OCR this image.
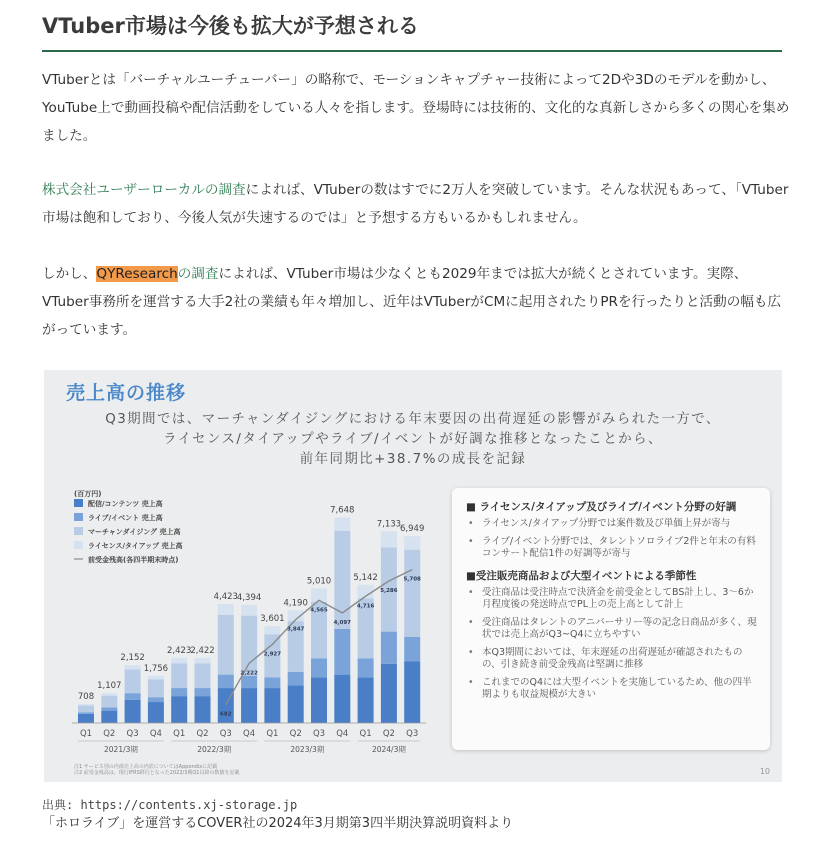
VTuber市場は今後も拡大が予想される

VTuberとは「バーチャルユーチューバー」の略称で、モーションキャプチャー技術によって2Dや3Dのモデルを動かし、YouTube上で動画投稿や配信活動をしている人々を指します。登場時には技術的、文化的な真新しさから多くの関心を集めました。

株式会社ユーザーローカルの調査によれば、VTuberの数はすでに2万人を突破しています。そんな状況もあって、「VTuber市場は飽和しており、今後人気が失速するのでは」と予想する方もいるかもしれません。

しかし、QYResearchの調査によれば、VTuber市場は少なくとも2029年までは拡大が続くとされています。実際、VTuber事務所を運営する大手2社の業績も年々増加し、近年はVTuberがCMに起用されたりPRを行ったりと活動の幅も広がっています。

売上高の推移
Q3期間では、マーチャンダイジングにおける年末要因の出荷遅延の影響がみられた一方で、
ライセンス/タイアップやライブ/イベントが好調な推移となったことから、
前年同期比+38.7%の成長を記録
(百万円)
配信/コンテンツ 売上高
ライブ/イベント 売上高
マーチャンダイジング 売上高
ライセンス/タイアップ 売上高
前受金残高(各四半期末時点)
708
Q1
1,107
Q2
2,152
Q3
1,756
Q4
2,423
Q1
2,422
Q2
4,423
Q3
4,394
Q4
3,601
Q1
4,190
Q2
5,010
Q3
7,648
Q4
5,142
Q1
7,133
Q2
6,949
Q3
2021/3期	2022/3期	2023/3期	2024/3期
682
2,222
2,927
3,847
4,565
4,097
4,716
5,286
5,708
■ ライセンス/タイアップ及びライブ/イベント分野の好調
• ライセンス/タイアップ分野では案件数及び単価上昇が寄与
• ライブ/イベント分野では、タレントソロライブ2件と年末の有料コンサート配信1件の好調等が寄与
■受注販売商品および大型イベントによる季節性
• 受注商品は受注時点で決済金を前受金としてBS計上し、3～6か月程度後の発送時点でPL上の売上高として計上
• 受注商品はタレントのアニバーサリー等の記念日商品が多く、現状では売上高がQ3~Q4に立ちやすい
• 本Q3期間においては、年末遅延の出荷遅延が確認されたものの、引き続き前受金残高は堅調に推移
• これまでのQ4には大型イベントを実施しているため、他の四半期よりも収益規模が大きい
注1 サービス別の内部売上高の内訳についてはAppendixに記載
注2 前受金残高は、現行IFRS移行となった2022/3期Q1以降の数値を記載	10
出典: https://contents.xj-storage.jp
「ホロライブ」を運営するCOVER社の2024年3月期第3四半期決算説明資料より
